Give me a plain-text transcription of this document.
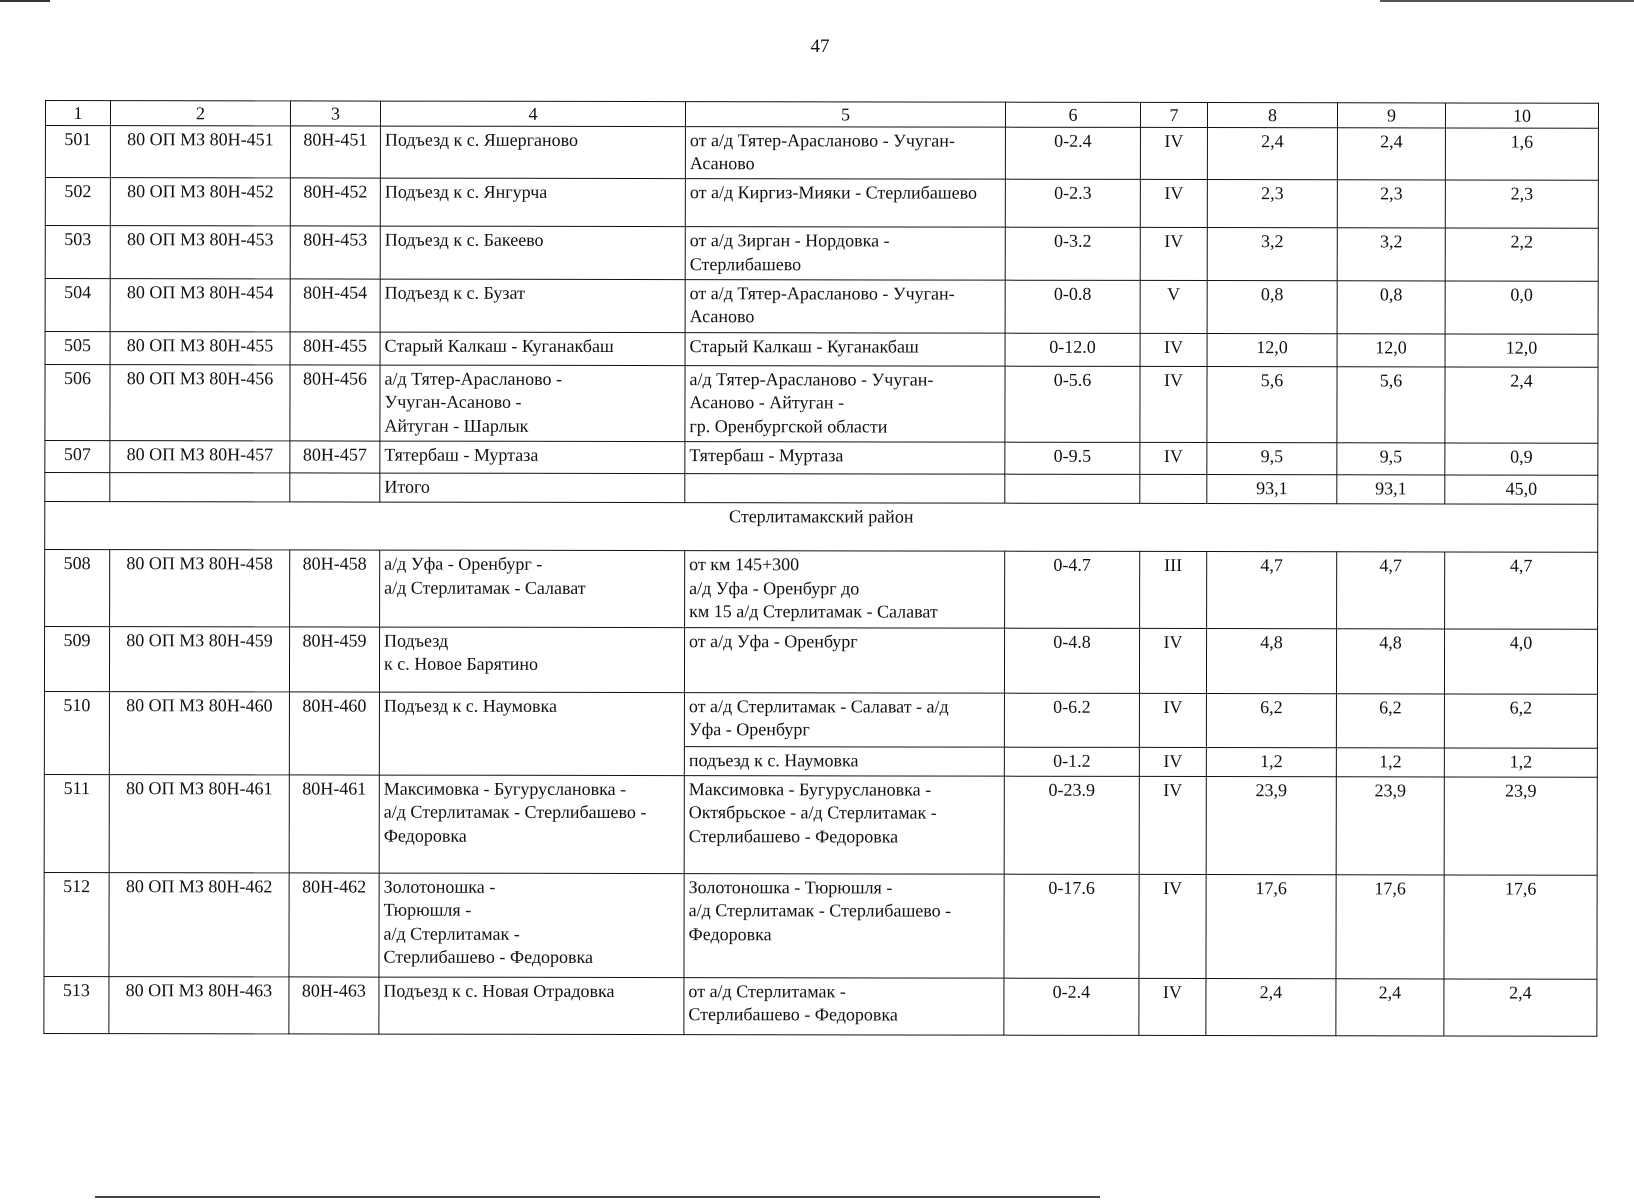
47
1	2	3	4	5	6	7	8	9	10
501	80 ОП МЗ 80Н-451	80Н-451	Подъезд к с. Яшерганово	от а/д Тятер-Арасланово - Учуган-
Асаново	0-2.4	IV	2,4	2,4	1,6
502	80 ОП МЗ 80Н-452	80Н-452	Подъезд к с. Янгурча	от а/д Киргиз-Мияки - Стерлибашево	0-2.3	IV	2,3	2,3	2,3
503	80 ОП МЗ 80Н-453	80Н-453	Подъезд к с. Бакеево	от а/д Зирган - Нордовка -
Стерлибашево	0-3.2	IV	3,2	3,2	2,2
504	80 ОП МЗ 80Н-454	80Н-454	Подъезд к с. Бузат	от а/д Тятер-Арасланово - Учуган-
Асаново	0-0.8	V	0,8	0,8	0,0
505	80 ОП МЗ 80Н-455	80Н-455	Старый Калкаш - Куганакбаш	Старый Калкаш - Куганакбаш	0-12.0	IV	12,0	12,0	12,0
506	80 ОП МЗ 80Н-456	80Н-456	а/д Тятер-Арасланово -
Учуган-Асаново -
Айтуган - Шарлык	а/д Тятер-Арасланово - Учуган-
Асаново - Айтуган -
гр. Оренбургской области	0-5.6	IV	5,6	5,6	2,4
507	80 ОП МЗ 80Н-457	80Н-457	Тятербаш - Муртаза	Тятербаш - Муртаза	0-9.5	IV	9,5	9,5	0,9
			Итого				93,1	93,1	45,0
Стерлитамакский район									
508	80 ОП МЗ 80Н-458	80Н-458	а/д Уфа - Оренбург -
а/д Стерлитамак - Салават	от км 145+300
а/д Уфа - Оренбург до
км 15 а/д Стерлитамак - Салават	0-4.7	III	4,7	4,7	4,7
509	80 ОП МЗ 80Н-459	80Н-459	Подъезд
к с. Новое Барятино	от а/д Уфа - Оренбург	0-4.8	IV	4,8	4,8	4,0
510	80 ОП МЗ 80Н-460	80Н-460	Подъезд к с. Наумовка	от а/д Стерлитамак - Салават - а/д
Уфа - Оренбург	0-6.2	IV	6,2	6,2	6,2

				подъезд к с. Наумовка	0-1.2	IV	1,2	1,2	1,2
511	80 ОП МЗ 80Н-461	80Н-461	Максимовка - Бугуруслановка -
а/д Стерлитамак - Стерлибашево -
Федоровка	Максимовка - Бугуруслановка -
Октябрьское - а/д Стерлитамак -
Стерлибашево - Федоровка	0-23.9	IV	23,9	23,9	23,9
512	80 ОП МЗ 80Н-462	80Н-462	Золотоношка -
Тюрюшля -
а/д Стерлитамак -
Стерлибашево - Федоровка	Золотоношка - Тюрюшля -
а/д Стерлитамак - Стерлибашево -
Федоровка	0-17.6	IV	17,6	17,6	17,6
513	80 ОП МЗ 80Н-463	80Н-463	Подъезд к с. Новая Отрадовка	от а/д Стерлитамак -
Стерлибашево - Федоровка	0-2.4	IV	2,4	2,4	2,4
